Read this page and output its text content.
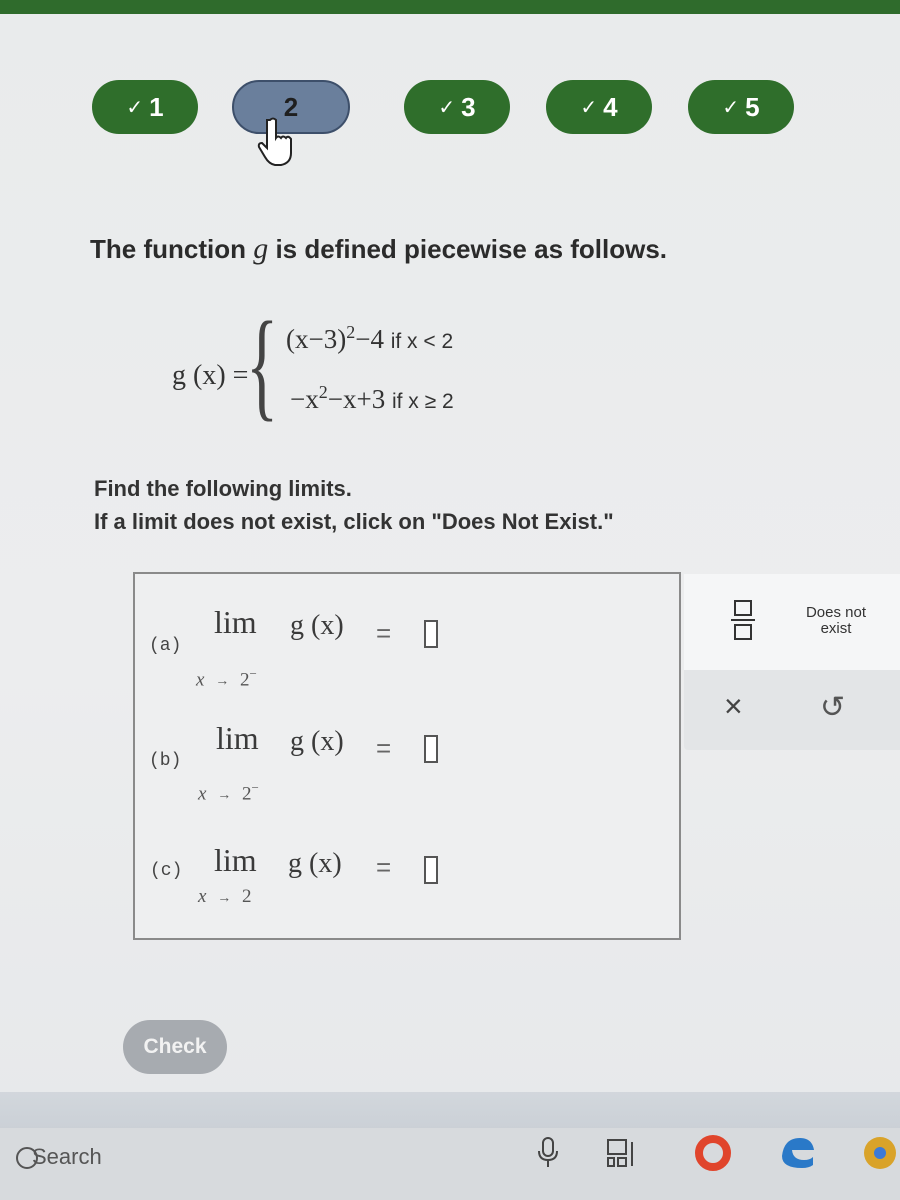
✓ 1	2	✓ 3	✓ 4	✓ 5
The function g is defined piecewise as follows.
g (x) =
{ $(x-3)^2-4$ if x < 2
$-x^2-x+3$ if x ≥ 2
Find the following limits.
If a limit does not exist, click on "Does Not Exist."
(a)
lim g (x)
x → 2−
=
(b)
lim g (x)
x → 2−
=
(c) lim g (x)
x → 2
=
Does not exist
×	↺
Check
Search
